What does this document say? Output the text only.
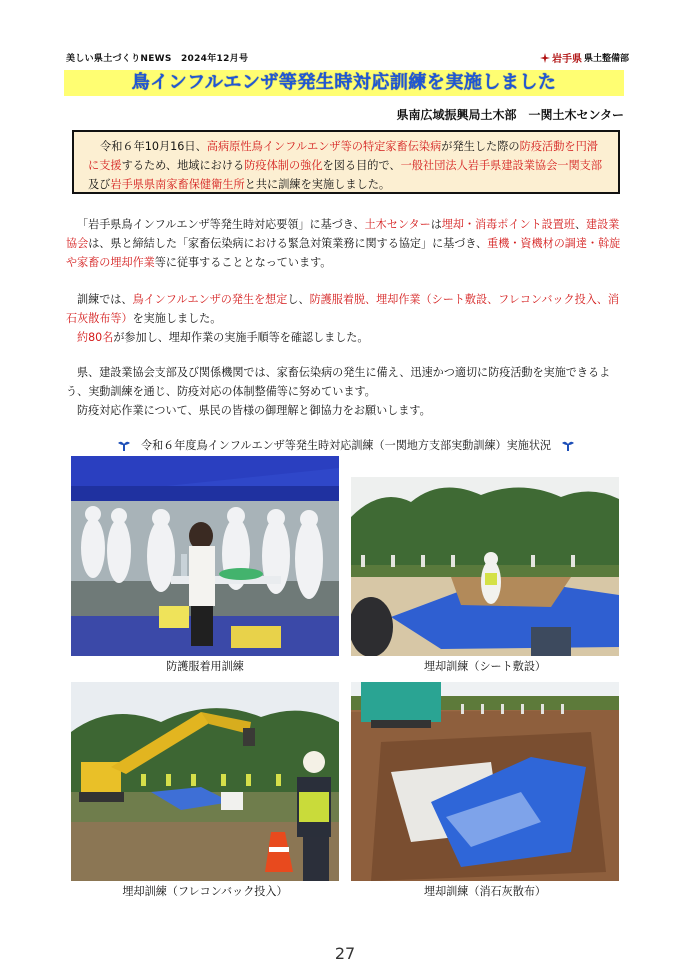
美しい県土づくりNEWS　2024年12月号	岩手県 県土整備部
鳥インフルエンザ等発生時対応訓練を実施しました
県南広域振興局土木部　一関土木センター
令和６年10月16日、高病原性鳥インフルエンザ等の特定家畜伝染病が発生した際の防疫活動を円滑に支援するため、地域における防疫体制の強化を図る目的で、一般社団法人岩手県建設業協会一関支部及び岩手県県南家畜保健衛生所と共に訓練を実施しました。
「岩手県鳥インフルエンザ等発生時対応要領」に基づき、土木センターは埋却・消毒ポイント設置班、建設業協会は、県と締結した「家畜伝染病における緊急対策業務に関する協定」に基づき、重機・資機材の調達・斡旋や家畜の埋却作業等に従事することとなっています。
訓練では、鳥インフルエンザの発生を想定し、防護服着脱、埋却作業（シート敷設、フレコンバック投入、消石灰散布等）を実施しました。
約80名が参加し、埋却作業の実施手順等を確認しました。
県、建設業協会支部及び関係機関では、家畜伝染病の発生に備え、迅速かつ適切に防疫活動を実施できるよう、実動訓練を通じ、防疫対応の体制整備等に努めています。
防疫対応作業について、県民の皆様の御理解と御協力をお願いします。
令和６年度鳥インフルエンザ等発生時対応訓練（一関地方支部実動訓練）実施状況
防護服着用訓練	埋却訓練（シート敷設）
埋却訓練（フレコンバック投入）	埋却訓練（消石灰散布）
27
